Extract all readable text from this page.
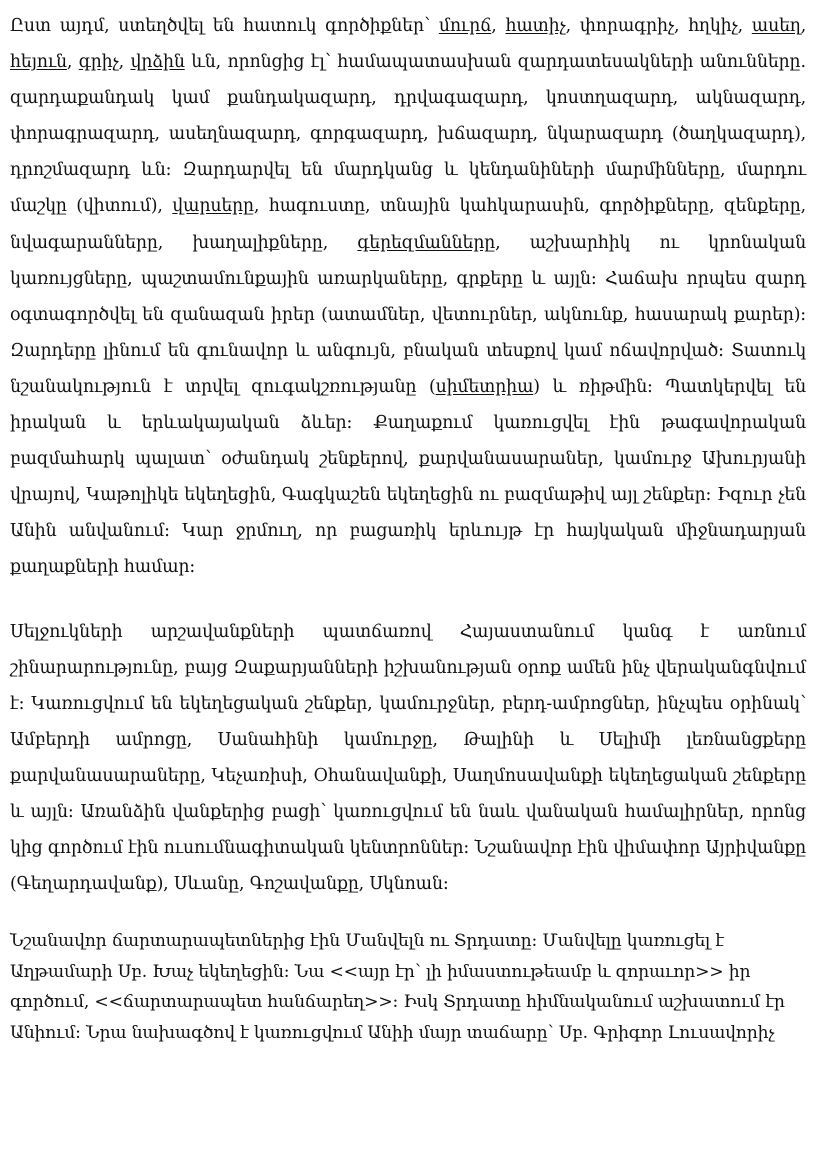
Ըստ այդմ, ստեղծվել են հատուկ գործիքներ՝ մուրճ, հատիչ, փորագրիչ, հղկիչ, ասեղ, հեյուն, գրիչ, վրձին ևն, որոնցից էլ՝ համապատասխան զարդատեսակների անունները․ զարդաքանդակ կամ քանդակազարդ, դրվագազարդ, կոստղազարդ, ակնազարդ, փորագրազարդ, ասեղնազարդ, գորգազարդ, խճազարդ, նկարազարդ (ծաղկազարդ), դրոշմազարդ ևն։ Զարդարվել են մարդկանց և կենդանիների մարմինները, մարդու մաշկը (վիտում), վարսերը, հագուստը, տնային կահկարասին, գործիքները, զենքերը, նվագարանները, խաղալիքները, գերեզմանները, աշխարհիկ ու կրոնական կառույցները, պաշտամունքային առարկաները, գրքերը և այլն։ Հաճախ որպես զարդ օգտագործվել են զանազան իրեր (ատամներ, վետուրներ, ակնունք, հասարակ քարեր)։ Զարդերը լինում են գունավոր և անգույն, բնական տեսքով կամ ոճավորված։ Տատուկ նշանակություն է տրվել զուգակշռությանը (սիմետրիա) և ռիթմին։ Պատկերվել են իրական և երևակայական ձևեր։ Քաղաքում կառուցվել էին թագավորական բազմահարկ պալատ՝ օժանդակ շենքերով, քարվանասարաներ, կամուրջ Ախուրյանի վրայով, Կաթոլիկե եկեղեցին, Գագկաշեն եկեղեցին ու բազմաթիվ այլ շենքեր։ Իզուր չեն Անին անվանում։ Կար ջրմուղ, որ բացառիկ երևույթ էր հայկական միջնադարյան քաղաքների համար։

Սելջուկների արշավանքների պատճառով Հայաստանում կանգ է առնում շինարարությունը, բայց Զաքարյանների իշխանության օրոք ամեն ինչ վերականգնվում է։ Կառուցվում են եկեղեցական շենքեր, կամուրջներ, բերդ-ամրոցներ, ինչպես օրինակ՝ Ամբերդի ամրոցը, Սանահինի կամուրջը, Թալինի և Սելիմի լեռնանցքերը քարվանասարաները, Կեչառիսի, Օհանավանքի, Սաղմոսավանքի եկեղեցական շենքերը և այլն։ Առանձին վանքերից բացի՝ կառուցվում են նաև վանական համալիրներ, որոնց կից գործում էին ուսումնագիտական կենտրոններ։ Նշանավոր էին վիմափոր Այրիվանքը (Գեղարդավանք), Սևանը, Գոշավանքը, Սկնոան։

Նշանավոր ճարտարապետներից էին Մանվելն ու Տրդատը։ Մանվելը կառուցել է Աղթամարի Սբ. Խաչ եկեղեցին։ Նա <<այր էր՝ լի իմաստութեամբ և զորաւոր>> իր գործում, <<ճարտարապետ հանճարեղ>>։ Իսկ Տրդատը հիմնականում աշխատում էր Անիում։ Նրա նախագծով է կառուցվում Անիի մայր տաճարը՝ Սբ. Գրիգոր Լուսավորիչ
